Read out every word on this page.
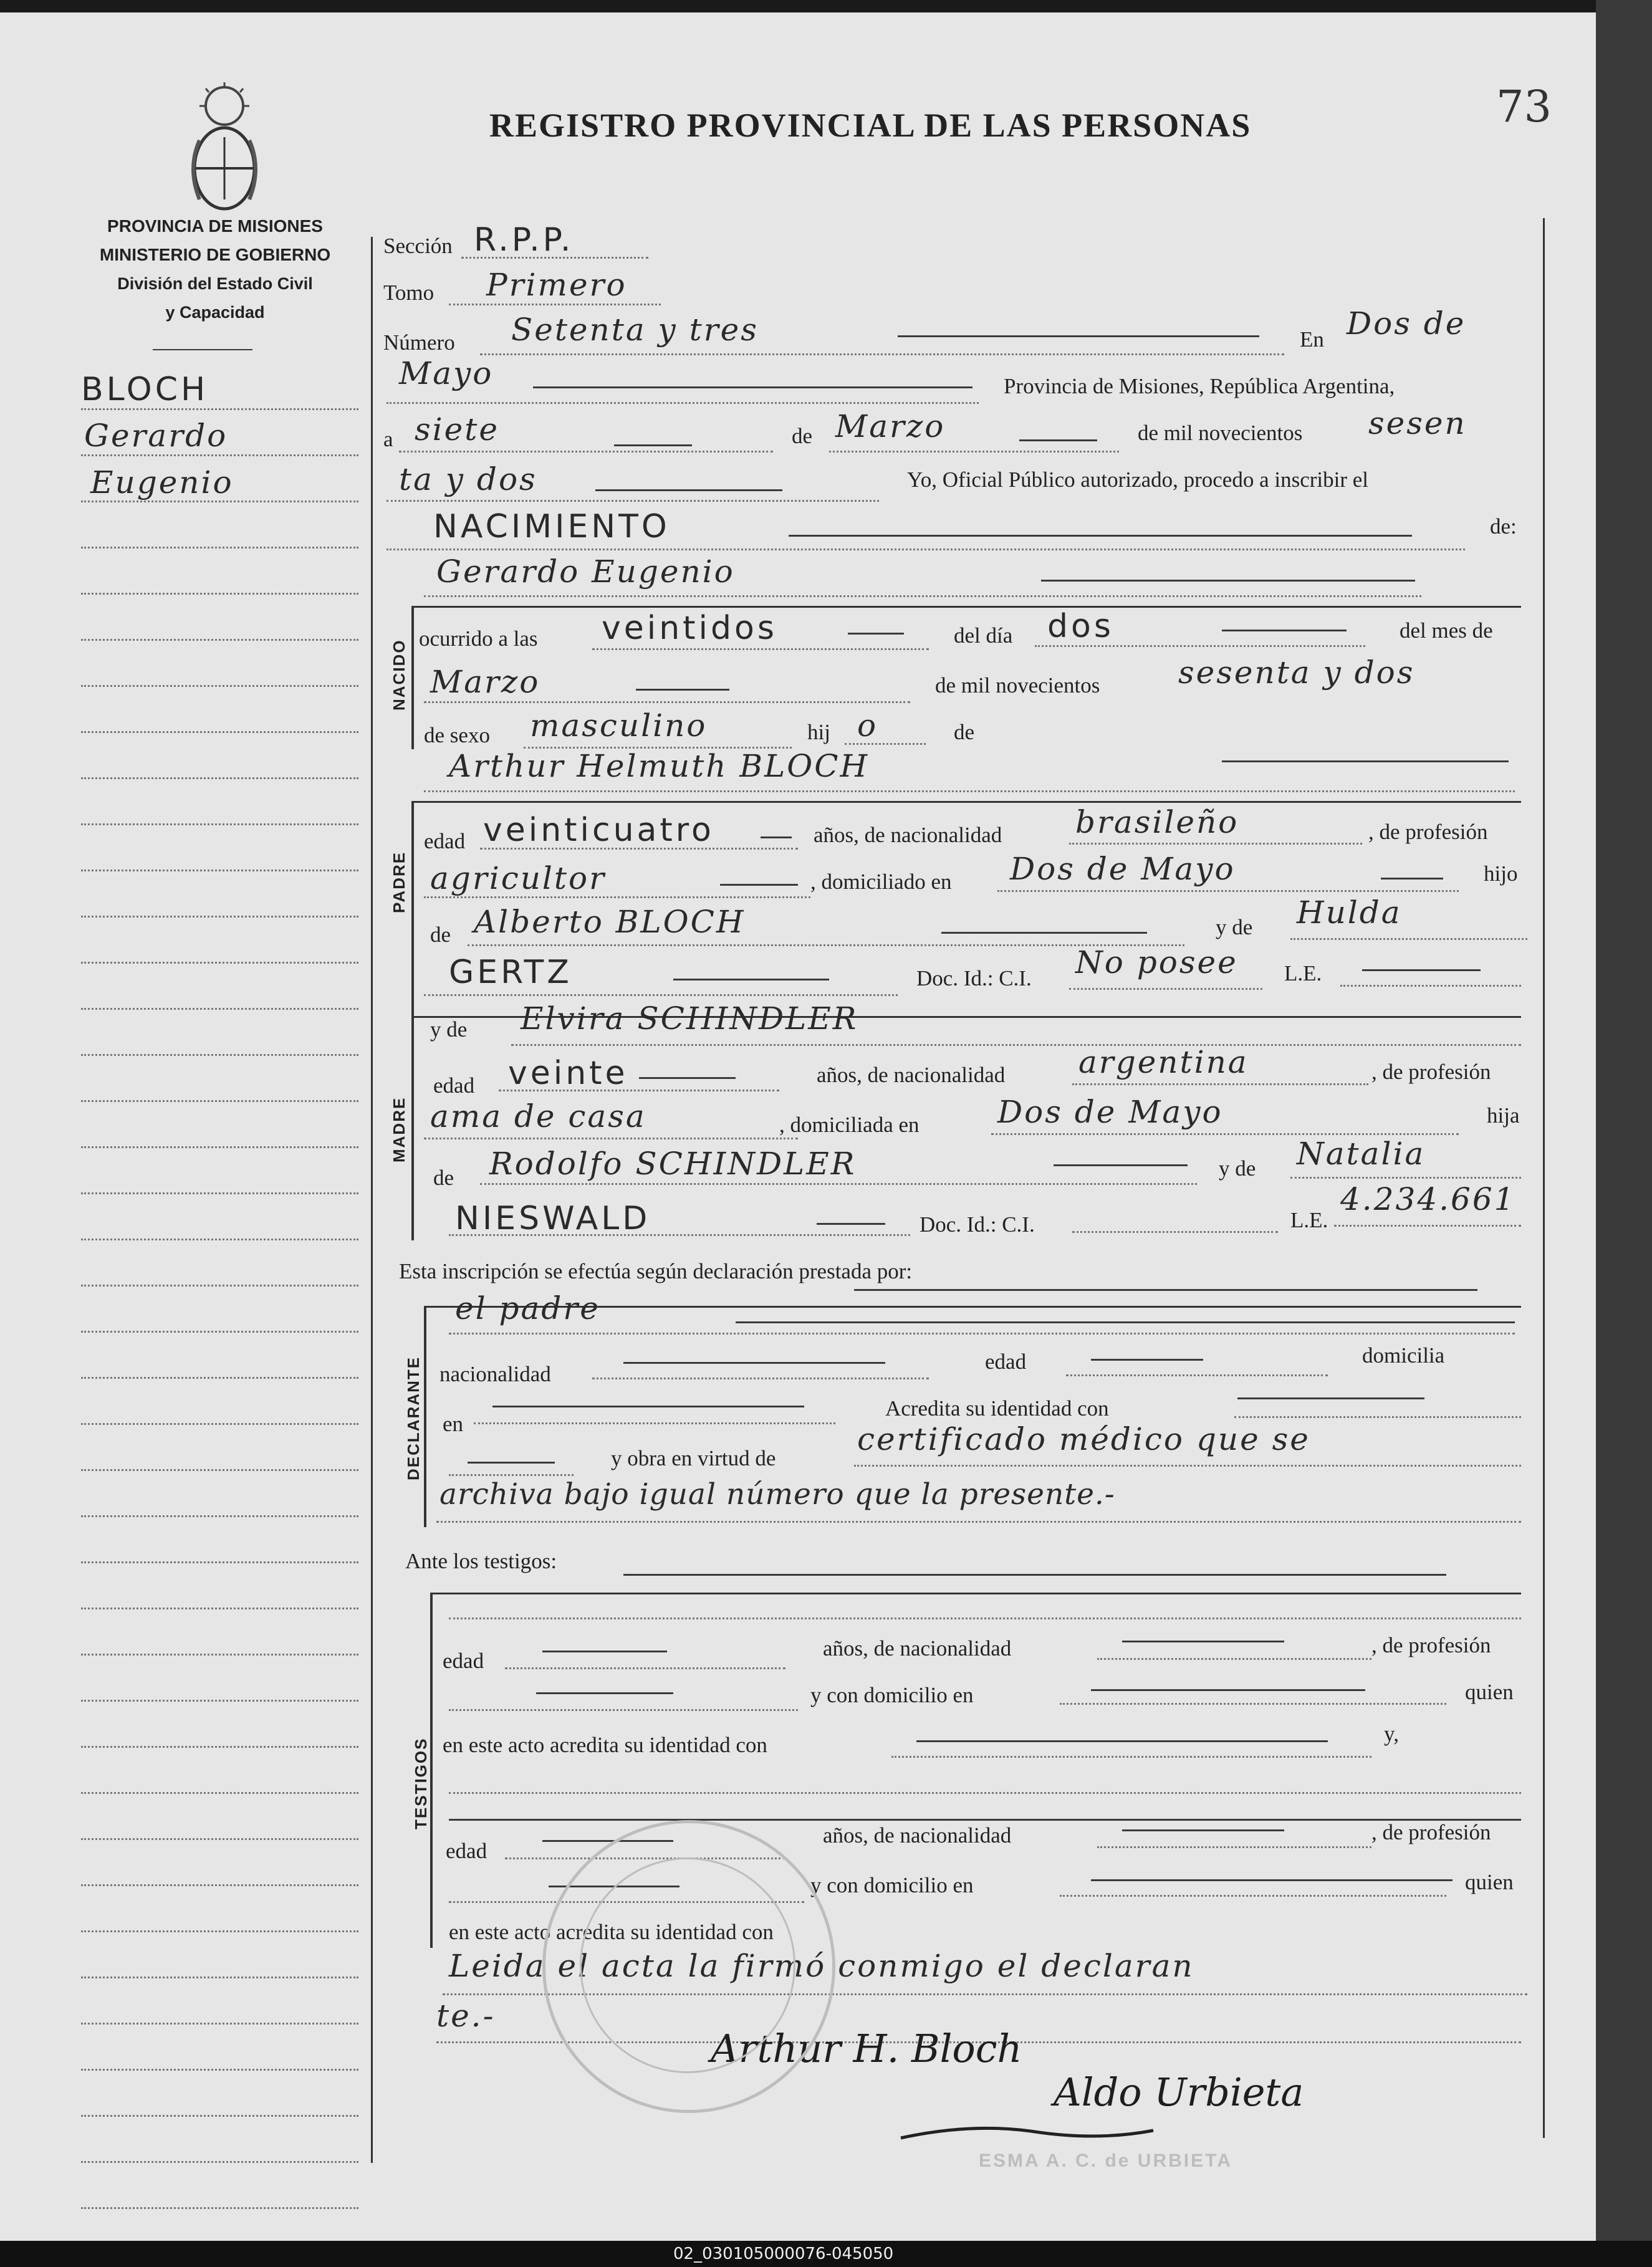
73
REGISTRO PROVINCIAL DE LAS PERSONAS
PROVINCIA DE MISIONES
MINISTERIO DE GOBIERNO
División del Estado Civil
y Capacidad
BLOCH
Gerardo
Eugenio
Sección R.P.P.
Tomo Primero
Número Setenta y tres	En Dos de
Mayo	Provincia de Misiones, República Argentina,
a siete	de Marzo	de mil novecientos sesen
ta y dos	Yo, Oficial Público autorizado, procedo a inscribir el
NACIMIENTO	de:
NACIDO
Gerardo Eugenio
ocurrido a las veintidos	del día dos	del mes de
Marzo	de mil novecientos	sesenta y dos
de sexo masculino	hij o	de
PADRE
Arthur Helmuth BLOCH
edad veinticuatro	años, de nacionalidad brasileño	, de profesión
agricultor	, domiciliado en Dos de Mayo	hijo
de Alberto BLOCH	y de Hulda
GERTZ	Doc. Id.: C.I. No posee L.E.
MADRE
y de Elvira SCHINDLER
edad veinte	años, de nacionalidad argentina	, de profesión
ama de casa	, domiciliada en	Dos de Mayo	hija
de Rodolfo SCHINDLER	y de Natalia
NIESWALD	Doc. Id.: C.I.	L.E.
4.234.661
Esta inscripción se efectúa según declaración prestada por:
DECLARANTE
el padre
nacionalidad
edad	domicilia
en
Acredita su identidad con
y obra en virtud de
certificado médico que se
archiva bajo igual número que la presente.-
Ante los testigos:
TESTIGOS
edad
años, de nacionalidad	, de profesión
y con domicilio en	quien
en este acto acredita su identidad con	y,
edad
años, de nacionalidad	, de profesión
y con domicilio en	quien
en este acto acredita su identidad con
Leida el acta la firmó conmigo el declaran
te.-
Arthur H. Bloch
Aldo Urbieta
ESMA A. C. de URBIETA
02_030105000076-045050
